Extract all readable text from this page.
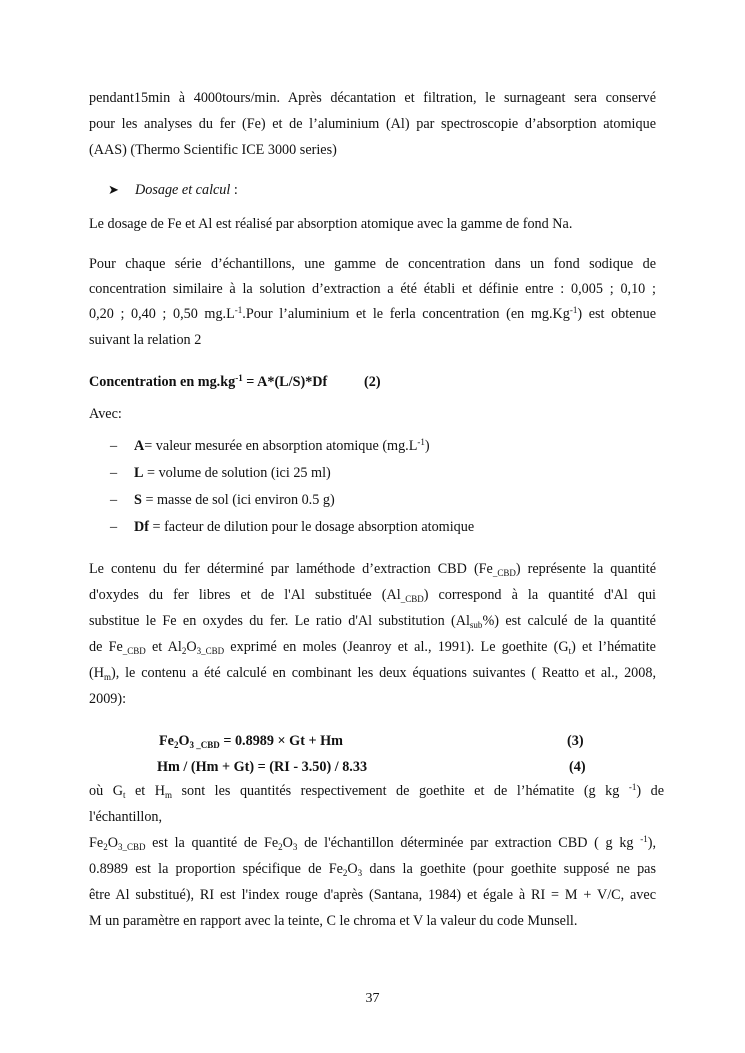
pendant15min à 4000tours/min. Après décantation et filtration, le surnageant sera conservé
pour les analyses du fer (Fe) et de l’aluminium (Al) par spectroscopie d’absorption atomique
(AAS) (Thermo Scientific ICE 3000 series)
➤ Dosage et calcul :
Le dosage de Fe et Al est réalisé par absorption atomique avec la gamme de fond Na.
Pour chaque série d’échantillons, une gamme de concentration dans un fond sodique de
concentration similaire à la solution d’extraction a été établi et définie entre : 0,005 ; 0,10 ;
0,20 ; 0,40 ; 0,50 $mg.L^{-1}.Pour$ l’aluminium et le ferla concentration (en $mg.Kg^{-1}$) est obtenue
suivant la relation 2
Concentration en $mg.kg^{-1} = A*(L/S)*Df$	(2)
Avec:
– A= valeur mesurée en absorption atomique $(mg.L^{-1})$
– L = volume de solution (ici 25 ml)
– S = masse de sol (ici environ 0.5 g)
– Df = facteur de dilution pour le dosage absorption atomique
Le contenu du fer déterminé par laméthode d’extraction CBD $(Fe_{\_CBD})$ représente la quantité
d'oxydes du fer libres et de l'Al substituée $(Al_{\_CBD})$ correspond à la quantité d'Al qui
substitue le Fe en oxydes du fer. Le ratio d'Al substitution $(Al_{sub}\%)$ est calculé de la quantité
de $Fe_{\_CBD}$ et $Al_2O_{3\_CBD}$ exprimé en moles (Jeanroy et al., 1991). Le goethite $(G_t)$ et l’hématite
$(H_m)$, le contenu a été calculé en combinant les deux équations suivantes ( Reatto et al., 2008,
2009):
$Fe_2O_{3 \_CBD} = 0.8989 \times Gt + Hm$	(3)
Hm / (Hm + Gt) = (RI - 3.50) / 8.33	(4)
où $G_t$ et $H_m$ sont les quantités respectivement de goethite et de l’hématite (g kg $^{-1}$) de
l'échantillon,
$Fe_2O_{3\_CBD}$ est la quantité de $Fe_2O_3$ de l'échantillon déterminée par extraction CBD ( g kg $^{-1}$),
0.8989 est la proportion spécifique de $Fe_2O_3$ dans la goethite (pour goethite supposé ne pas
être Al substitué), RI est l'index rouge d'après (Santana, 1984) et égale à RI = M + V/C, avec
M un paramètre en rapport avec la teinte, C le chroma et V la valeur du code Munsell.
37
